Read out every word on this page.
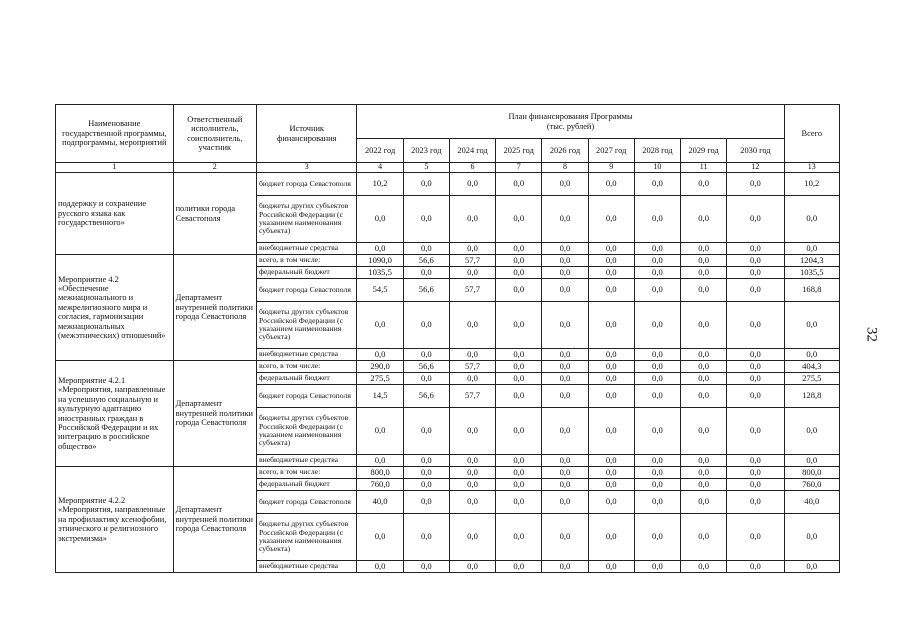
32
Наименование государственной программы, подпрограммы, мероприятий	Ответственный исполнитель, соисполнитель, участник	Источник финансирования	План финансирования Программы
(тыс. рублей)									Всего
			2022 год	2023 год	2024 год	2025 год	2026 год	2027 год	2028 год	2029 год	2030 год	
1	2	3	4	5	6	7	8	9	10	11	12	13
поддержку и сохранение русского языка как государственного»	политики города Севастополя	бюджет города Севастополя	10,2	0,0	0,0	0,0	0,0	0,0	0,0	0,0	0,0	10,2
		бюджеты других субъектов Российской Федерации (с указанием наименования субъекта)	0,0	0,0	0,0	0,0	0,0	0,0	0,0	0,0	0,0	0,0
		внебюджетные средства	0,0	0,0	0,0	0,0	0,0	0,0	0,0	0,0	0,0	0,0
Мероприятие 4.2 «Обеспечение межнационального и межрелигиозного мира и согласия, гармонизации межнациональных (межэтнических) отношений»	Департамент внутренней политики города Севастополя	всего, в том числе:	1090,0	56,6	57,7	0,0	0,0	0,0	0,0	0,0	0,0	1204,3
		федеральный бюджет	1035,5	0,0	0,0	0,0	0,0	0,0	0,0	0,0	0,0	1035,5
		бюджет города Севастополя	54,5	56,6	57,7	0,0	0,0	0,0	0,0	0,0	0,0	168,8
		бюджеты других субъектов Российской Федерации (с указанием наименования субъекта)	0,0	0,0	0,0	0,0	0,0	0,0	0,0	0,0	0,0	0,0
		внебюджетные средства	0,0	0,0	0,0	0,0	0,0	0,0	0,0	0,0	0,0	0,0
Мероприятие 4.2.1 «Мероприятия, направленные на успешную социальную и культурную адаптацию иностранных граждан в Российской Федерации и их интеграцию в российское общество»	Департамент внутренней политики города Севастополя	всего, в том числе:	290,0	56,6	57,7	0,0	0,0	0,0	0,0	0,0	0,0	404,3
		федеральный бюджет	275,5	0,0	0,0	0,0	0,0	0,0	0,0	0,0	0,0	275,5
		бюджет города Севастополя	14,5	56,6	57,7	0,0	0,0	0,0	0,0	0,0	0,0	128,8
		бюджеты других субъектов Российской Федерации (с указанием наименования субъекта)	0,0	0,0	0,0	0,0	0,0	0,0	0,0	0,0	0,0	0,0
		внебюджетные средства	0,0	0,0	0,0	0,0	0,0	0,0	0,0	0,0	0,0	0,0
Мероприятие 4.2.2 «Мероприятия, направленные на профилактику ксенофобии, этнического и религиозного экстремизма»	Департамент внутренней политики города Севастополя	всего, в том числе:	800,0	0,0	0,0	0,0	0,0	0,0	0,0	0,0	0,0	800,0
		федеральный бюджет	760,0	0,0	0,0	0,0	0,0	0,0	0,0	0,0	0,0	760,0
		бюджет города Севастополя	40,0	0,0	0,0	0,0	0,0	0,0	0,0	0,0	0,0	40,0
		бюджеты других субъектов Российской Федерации (с указанием наименования субъекта)	0,0	0,0	0,0	0,0	0,0	0,0	0,0	0,0	0,0	0,0
		внебюджетные средства	0,0	0,0	0,0	0,0	0,0	0,0	0,0	0,0	0,0	0,0
